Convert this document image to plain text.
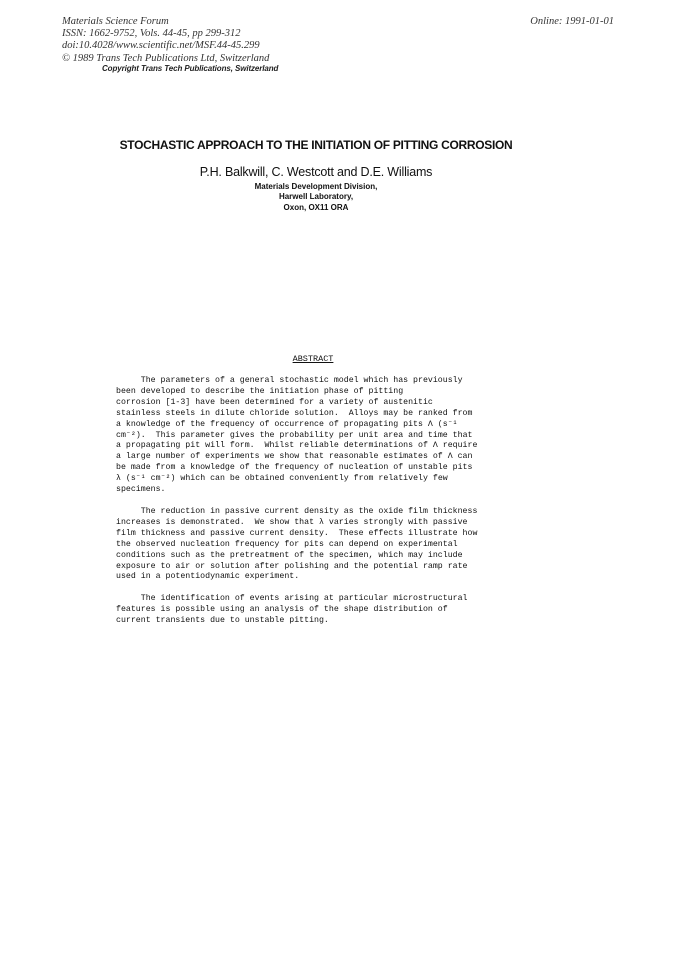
Materials Science Forum
ISSN: 1662-9752, Vols. 44-45, pp 299-312
doi:10.4028/www.scientific.net/MSF.44-45.299
© 1989 Trans Tech Publications Ltd, Switzerland
Online: 1991-01-01
Copyright Trans Tech Publications, Switzerland
STOCHASTIC APPROACH TO THE INITIATION OF PITTING CORROSION
P.H. Balkwill, C. Westcott and D.E. Williams
Materials Development Division,
Harwell Laboratory,
Oxon, OX11 ORA
ABSTRACT
The parameters of a general stochastic model which has previously
been developed to describe the initiation phase of pitting
corrosion [1-3] have been determined for a variety of austenitic
stainless steels in dilute chloride solution.  Alloys may be ranked from
a knowledge of the frequency of occurrence of propagating pits Λ (s⁻¹
cm⁻²).  This parameter gives the probability per unit area and time that
a propagating pit will form.  Whilst reliable determinations of Λ require
a large number of experiments we show that reasonable estimates of Λ can
be made from a knowledge of the frequency of nucleation of unstable pits
λ (s⁻¹ cm⁻²) which can be obtained conveniently from relatively few
specimens.
The reduction in passive current density as the oxide film thickness
increases is demonstrated.  We show that λ varies strongly with passive
film thickness and passive current density.  These effects illustrate how
the observed nucleation frequency for pits can depend on experimental
conditions such as the pretreatment of the specimen, which may include
exposure to air or solution after polishing and the potential ramp rate
used in a potentiodynamic experiment.
The identification of events arising at particular microstructural
features is possible using an analysis of the shape distribution of
current transients due to unstable pitting.
